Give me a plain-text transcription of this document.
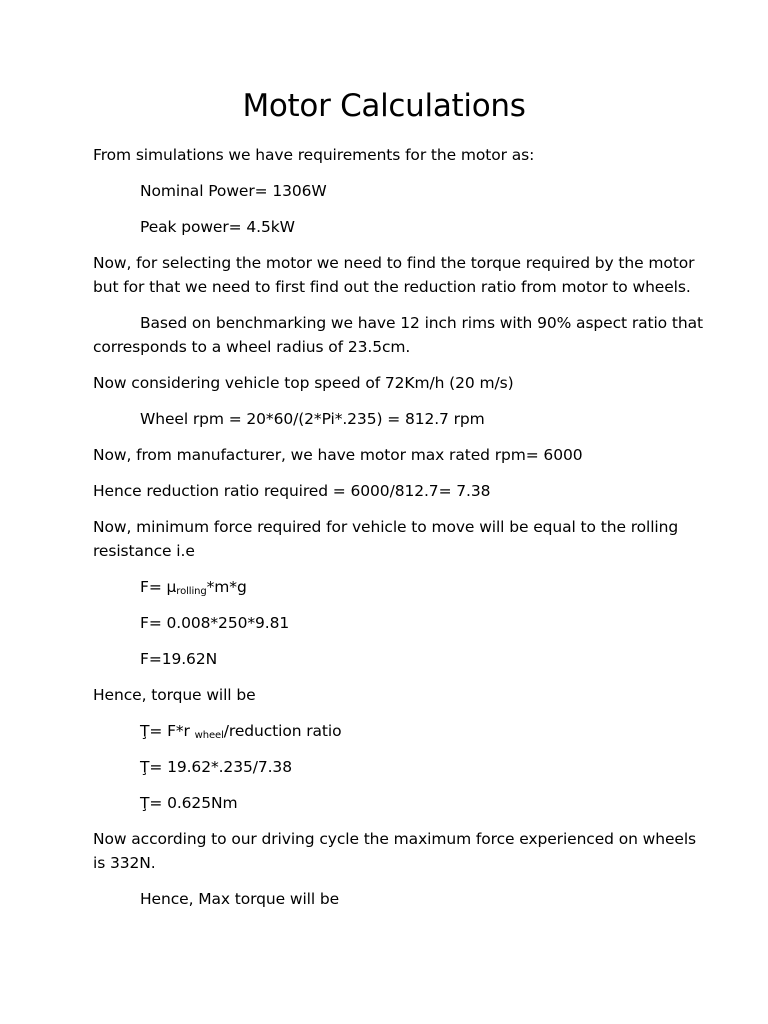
Motor Calculations
From simulations we have requirements for the motor as:
Nominal Power= 1306W
Peak power= 4.5kW
Now, for selecting the motor we need to find the torque required by the motor
but for that we need to first find out the reduction ratio from motor to wheels.
Based on benchmarking we have 12 inch rims with 90% aspect ratio that
corresponds to a wheel radius of 23.5cm.
Now considering vehicle top speed of 72Km/h (20 m/s)
Wheel rpm = 20*60/(2*Pi*.235) = 812.7 rpm
Now, from manufacturer, we have motor max rated rpm= 6000
Hence reduction ratio required = 6000/812.7= 7.38
Now, minimum force required for vehicle to move will be equal to the rolling
resistance i.e
$F= \mu_{rolling}*m*g$
F= 0.008*250*9.81
F=19.62N
Hence, torque will be
Ţ= F*r $_{wheel}$/reduction ratio
Ţ= 19.62*.235/7.38
Ţ= 0.625Nm
Now according to our driving cycle the maximum force experienced on wheels
is 332N.
Hence, Max torque will be
